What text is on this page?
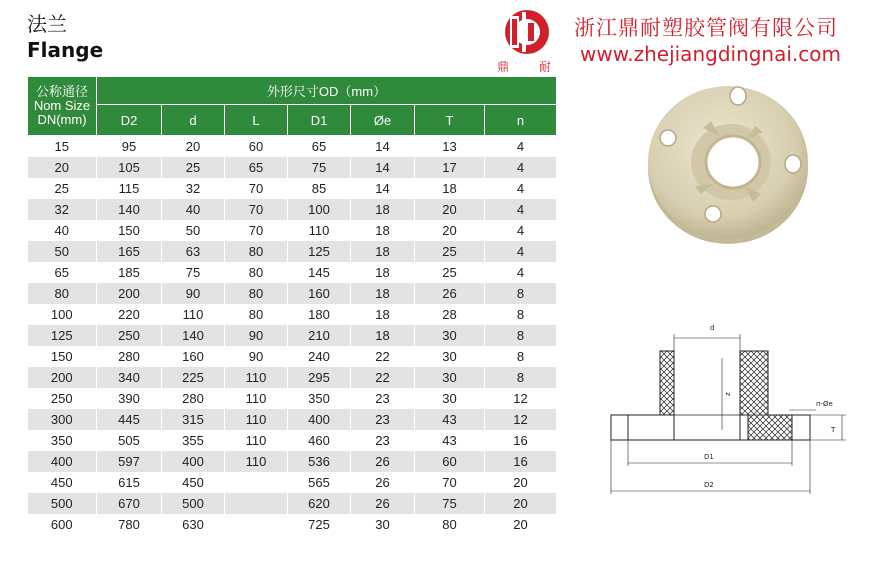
法兰
Flange
鼎 耐
浙江鼎耐塑胶管阀有限公司
www.zhejiangdingnai.com
公称通径
Nom Size
DN(mm)	外形尺寸OD（mm）						
	D2	d	L	D1	Øe	T	n
15	95	20	60	65	14	13	4
20	105	25	65	75	14	17	4
25	115	32	70	85	14	18	4
32	140	40	70	100	18	20	4
40	150	50	70	110	18	20	4
50	165	63	80	125	18	25	4
65	185	75	80	145	18	25	4
80	200	90	80	160	18	26	8
100	220	110	80	180	18	28	8
125	250	140	90	210	18	30	8
150	280	160	90	240	22	30	8
200	340	225	110	295	22	30	8
250	390	280	110	350	23	30	12
300	445	315	110	400	23	43	12
350	505	355	110	460	23	43	16
400	597	400	110	536	26	60	16
450	615	450		565	26	70	20
500	670	500		620	26	75	20
600	780	630		725	30	80	20
d
z
n-Øe
T
D1
D2
